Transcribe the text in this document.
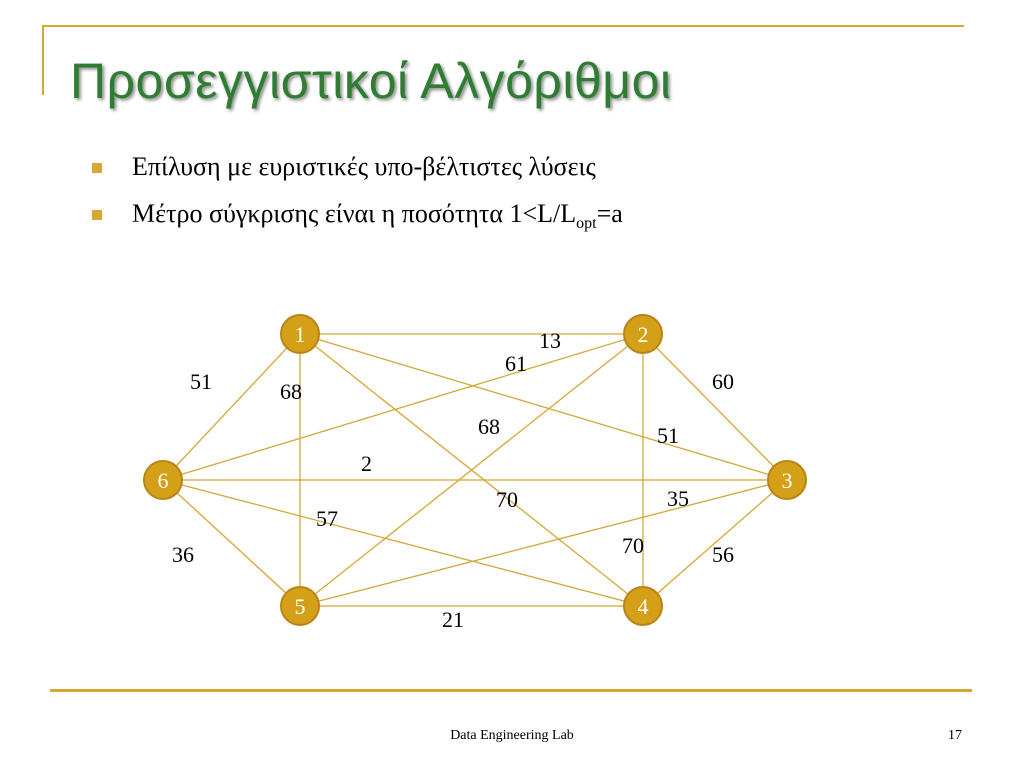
Προσεγγιστικοί Αλγόριθμοι
Επίλυση με ευριστικές υπο-βέλτιστες λύσεις
Μέτρο σύγκρισης είναι η ποσότητα $1<L/L_{opt}=a$
13
51	68
51
70
60
61
68
70
2
35
56
21
57
36
1	2
3
4
5
6
Data Engineering Lab	17
